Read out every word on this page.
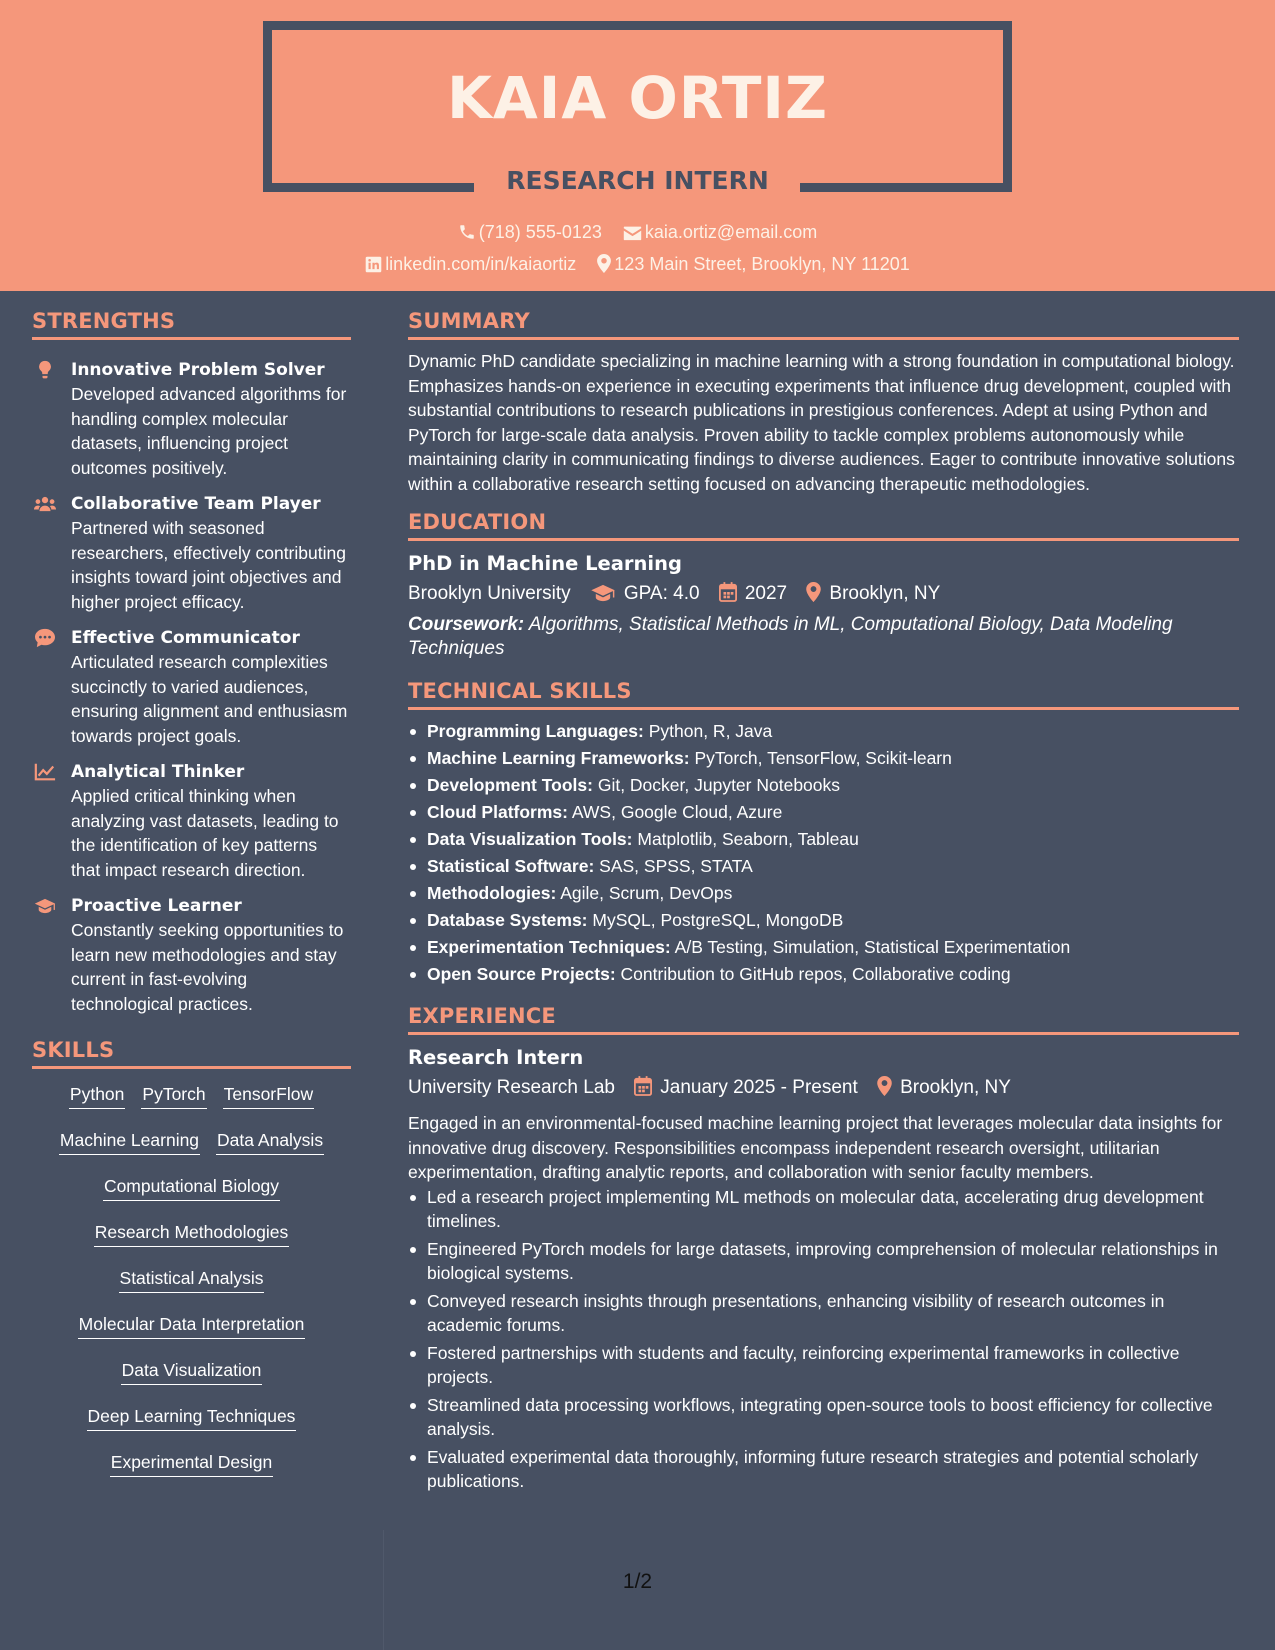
KAIA ORTIZ
RESEARCH INTERN
(718) 555-0123 kaia.ortiz@email.com
linkedin.com/in/kaiaortiz 123 Main Street, Brooklyn, NY 11201
STRENGTHS
Innovative Problem Solver
Developed advanced algorithms for handling complex molecular datasets, influencing project outcomes positively.
Collaborative Team Player
Partnered with seasoned researchers, effectively contributing insights toward joint objectives and higher project efficacy.
Effective Communicator
Articulated research complexities succinctly to varied audiences, ensuring alignment and enthusiasm towards project goals.
Analytical Thinker
Applied critical thinking when analyzing vast datasets, leading to the identification of key patterns that impact research direction.
Proactive Learner
Constantly seeking opportunities to learn new methodologies and stay current in fast-evolving technological practices.
SKILLS
Python PyTorch TensorFlow
Machine Learning Data Analysis
Computational Biology
Research Methodologies
Statistical Analysis
Molecular Data Interpretation
Data Visualization
Deep Learning Techniques
Experimental Design
SUMMARY
Dynamic PhD candidate specializing in machine learning with a strong foundation in computational biology. Emphasizes hands-on experience in executing experiments that influence drug development, coupled with substantial contributions to research publications in prestigious conferences. Adept at using Python and PyTorch for large-scale data analysis. Proven ability to tackle complex problems autonomously while maintaining clarity in communicating findings to diverse audiences. Eager to contribute innovative solutions within a collaborative research setting focused on advancing therapeutic methodologies.
EDUCATION
PhD in Machine Learning
Brooklyn University	GPA: 4.0 2027 Brooklyn, NY
Coursework: Algorithms, Statistical Methods in ML, Computational Biology, Data Modeling Techniques
TECHNICAL SKILLS
Programming Languages: Python, R, Java
Machine Learning Frameworks: PyTorch, TensorFlow, Scikit-learn
Development Tools: Git, Docker, Jupyter Notebooks
Cloud Platforms: AWS, Google Cloud, Azure
Data Visualization Tools: Matplotlib, Seaborn, Tableau
Statistical Software: SAS, SPSS, STATA
Methodologies: Agile, Scrum, DevOps
Database Systems: MySQL, PostgreSQL, MongoDB
Experimentation Techniques: A/B Testing, Simulation, Statistical Experimentation
Open Source Projects: Contribution to GitHub repos, Collaborative coding
EXPERIENCE
Research Intern
University Research Lab January 2025 - Present Brooklyn, NY
Engaged in an environmental-focused machine learning project that leverages molecular data insights for innovative drug discovery. Responsibilities encompass independent research oversight, utilitarian experimentation, drafting analytic reports, and collaboration with senior faculty members.
Led a research project implementing ML methods on molecular data, accelerating drug development timelines.
Engineered PyTorch models for large datasets, improving comprehension of molecular relationships in biological systems.
Conveyed research insights through presentations, enhancing visibility of research outcomes in academic forums.
Fostered partnerships with students and faculty, reinforcing experimental frameworks in collective projects.
Streamlined data processing workflows, integrating open-source tools to boost efficiency for collective analysis.
Evaluated experimental data thoroughly, informing future research strategies and potential scholarly publications.
1/2
